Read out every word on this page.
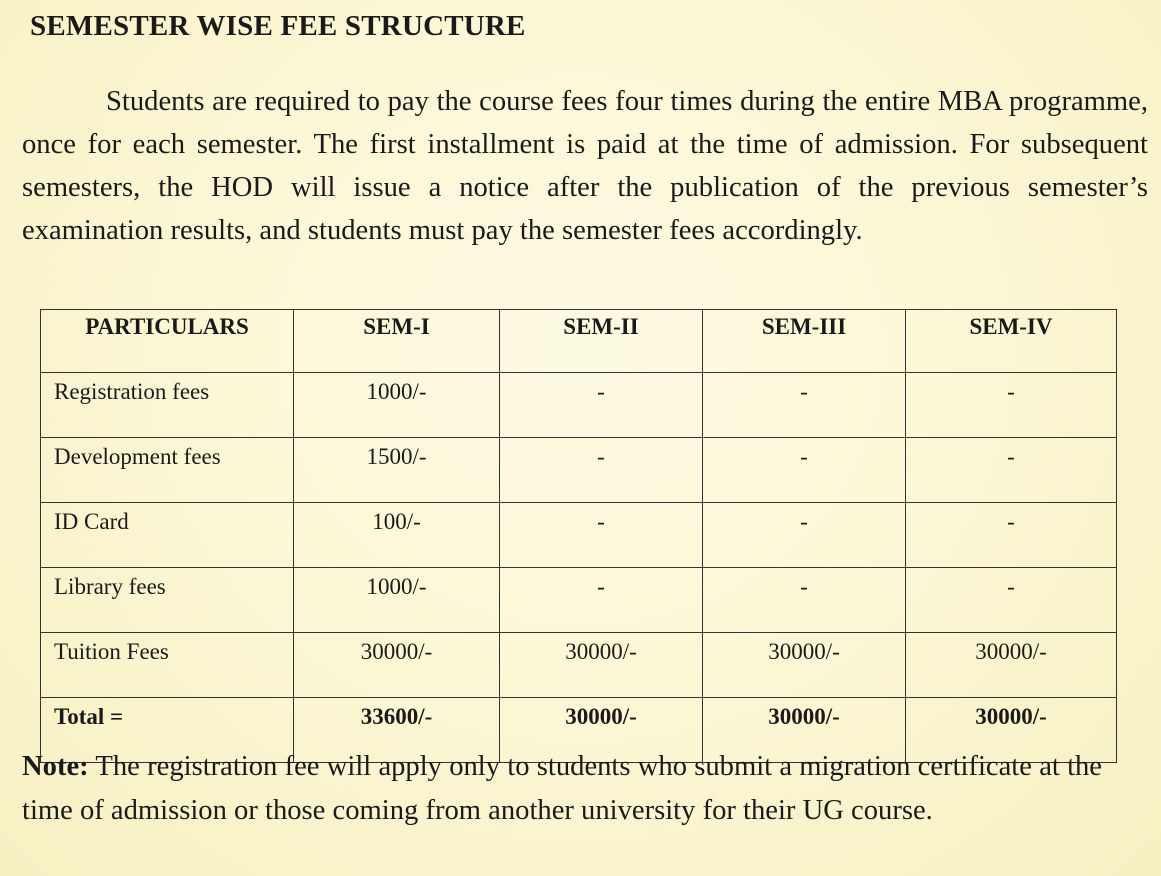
SEMESTER WISE FEE STRUCTURE

Students are required to pay the course fees four times during the entire MBA programme, once for each semester. The first installment is paid at the time of admission. For subsequent semesters, the HOD will issue a notice after the publication of the previous semester’s examination results, and students must pay the semester fees accordingly.

PARTICULARS	SEM-I	SEM-II	SEM-III	SEM-IV
Registration fees	1000/-	-	-	-
Development fees	1500/-	-	-	-
ID Card	100/-	-	-	-
Library fees	1000/-	-	-	-
Tuition Fees	30000/-	30000/-	30000/-	30000/-
Total =	33600/-	30000/-	30000/-	30000/-

Note: The registration fee will apply only to students who submit a migration certificate at the time of admission or those coming from another university for their UG course.
